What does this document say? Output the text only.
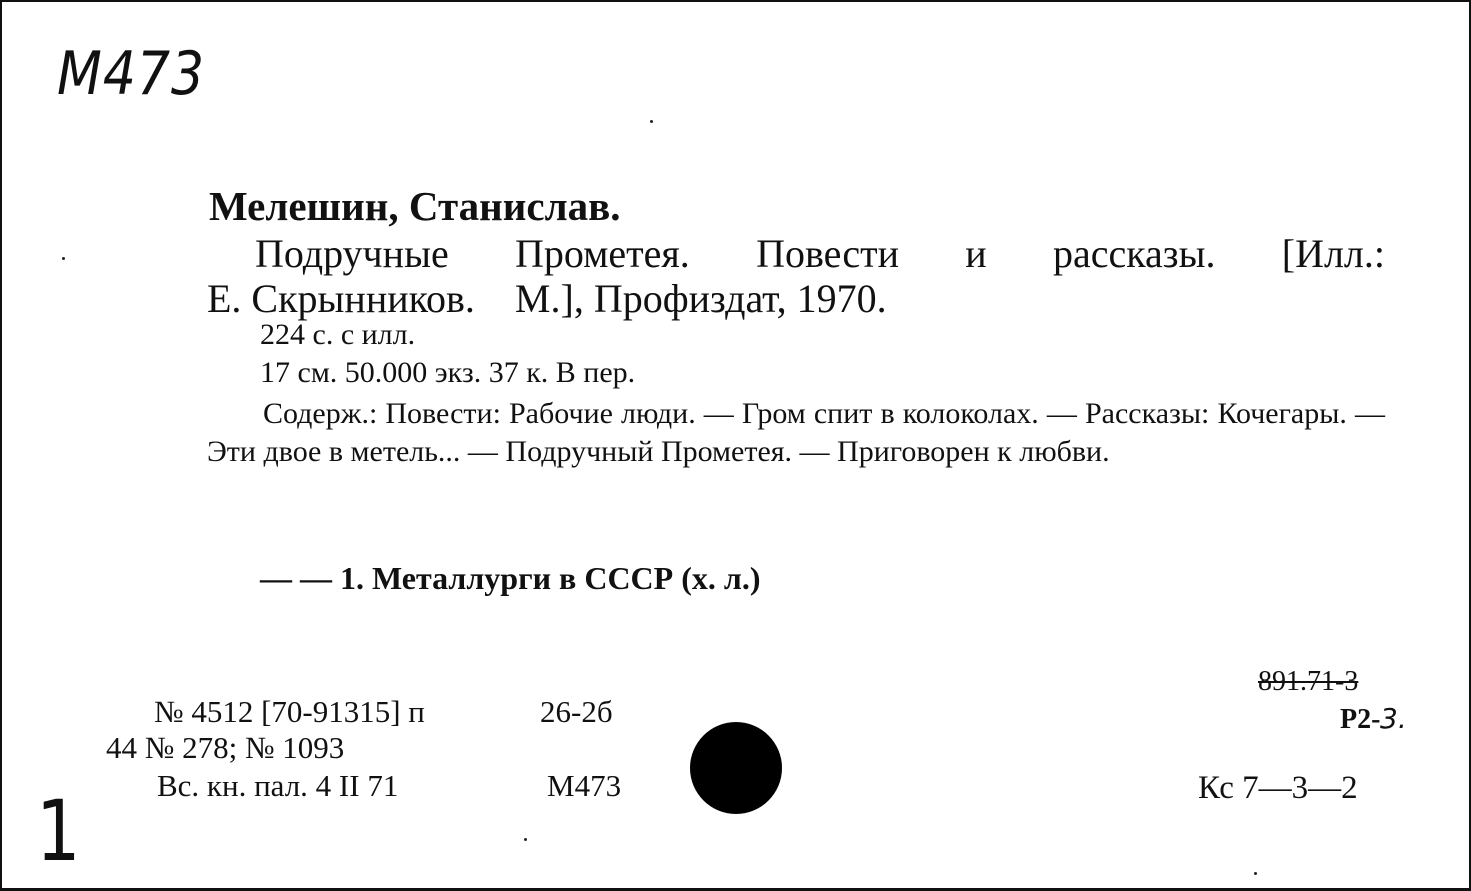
M473
Мелешин, Станислав.
Подручные Прометея. Повести и рассказы. [Илл.:
Е. Скрынников.    М.], Профиздат, 1970.
224 с. с илл.
17 см. 50.000 экз. 37 к. В пер.
Содерж.: Повести: Рабочие люди. — Гром спит в колоколах. — Рассказы: Кочегары. — Эти двое в метель... — Подручный Прометея. — Приговорен к любви.
— — 1. Металлурги в СССР (х. л.)
№ 4512 [70-91315] п
44 № 278; № 1093
Вс. кн. пал. 4 II 71
26-2б
М473
891.71-3
Р2- 3.
Кс 7—3—2
1
